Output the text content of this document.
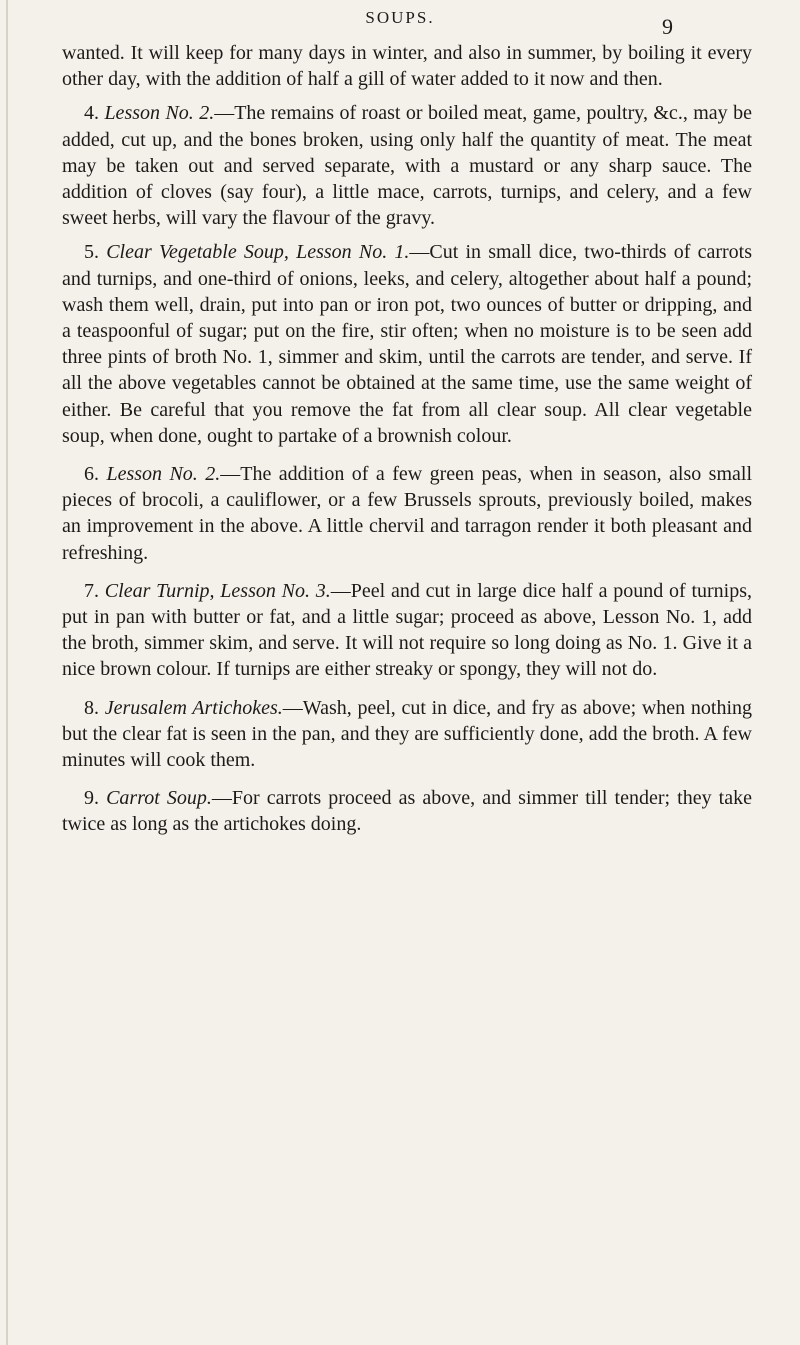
SOUPS.	9

wanted. It will keep for many days in winter, and also in summer, by boiling it every other day, with the addition of half a gill of water added to it now and then.

4. Lesson No. 2.—The remains of roast or boiled meat, game, poultry, &c., may be added, cut up, and the bones broken, using only half the quantity of meat. The meat may be taken out and served separate, with a mustard or any sharp sauce. The addition of cloves (say four), a little mace, carrots, turnips, and celery, and a few sweet herbs, will vary the flavour of the gravy.

5. Clear Vegetable Soup, Lesson No. 1.—Cut in small dice, two-thirds of carrots and turnips, and one-third of onions, leeks, and celery, altogether about half a pound; wash them well, drain, put into pan or iron pot, two ounces of butter or dripping, and a teaspoonful of sugar; put on the fire, stir often; when no moisture is to be seen add three pints of broth No. 1, simmer and skim, until the carrots are tender, and serve. If all the above vegetables cannot be obtained at the same time, use the same weight of either. Be careful that you remove the fat from all clear soup. All clear vegetable soup, when done, ought to partake of a brownish colour.

6. Lesson No. 2.—The addition of a few green peas, when in season, also small pieces of brocoli, a cauliflower, or a few Brussels sprouts, previously boiled, makes an improvement in the above. A little chervil and tarragon render it both pleasant and refreshing.

7. Clear Turnip, Lesson No. 3.—Peel and cut in large dice half a pound of turnips, put in pan with butter or fat, and a little sugar; proceed as above, Lesson No. 1, add the broth, simmer skim, and serve. It will not require so long doing as No. 1. Give it a nice brown colour. If turnips are either streaky or spongy, they will not do.

8. Jerusalem Artichokes.—Wash, peel, cut in dice, and fry as above; when nothing but the clear fat is seen in the pan, and they are sufficiently done, add the broth. A few minutes will cook them.

9. Carrot Soup.—For carrots proceed as above, and simmer till tender; they take twice as long as the artichokes doing.
